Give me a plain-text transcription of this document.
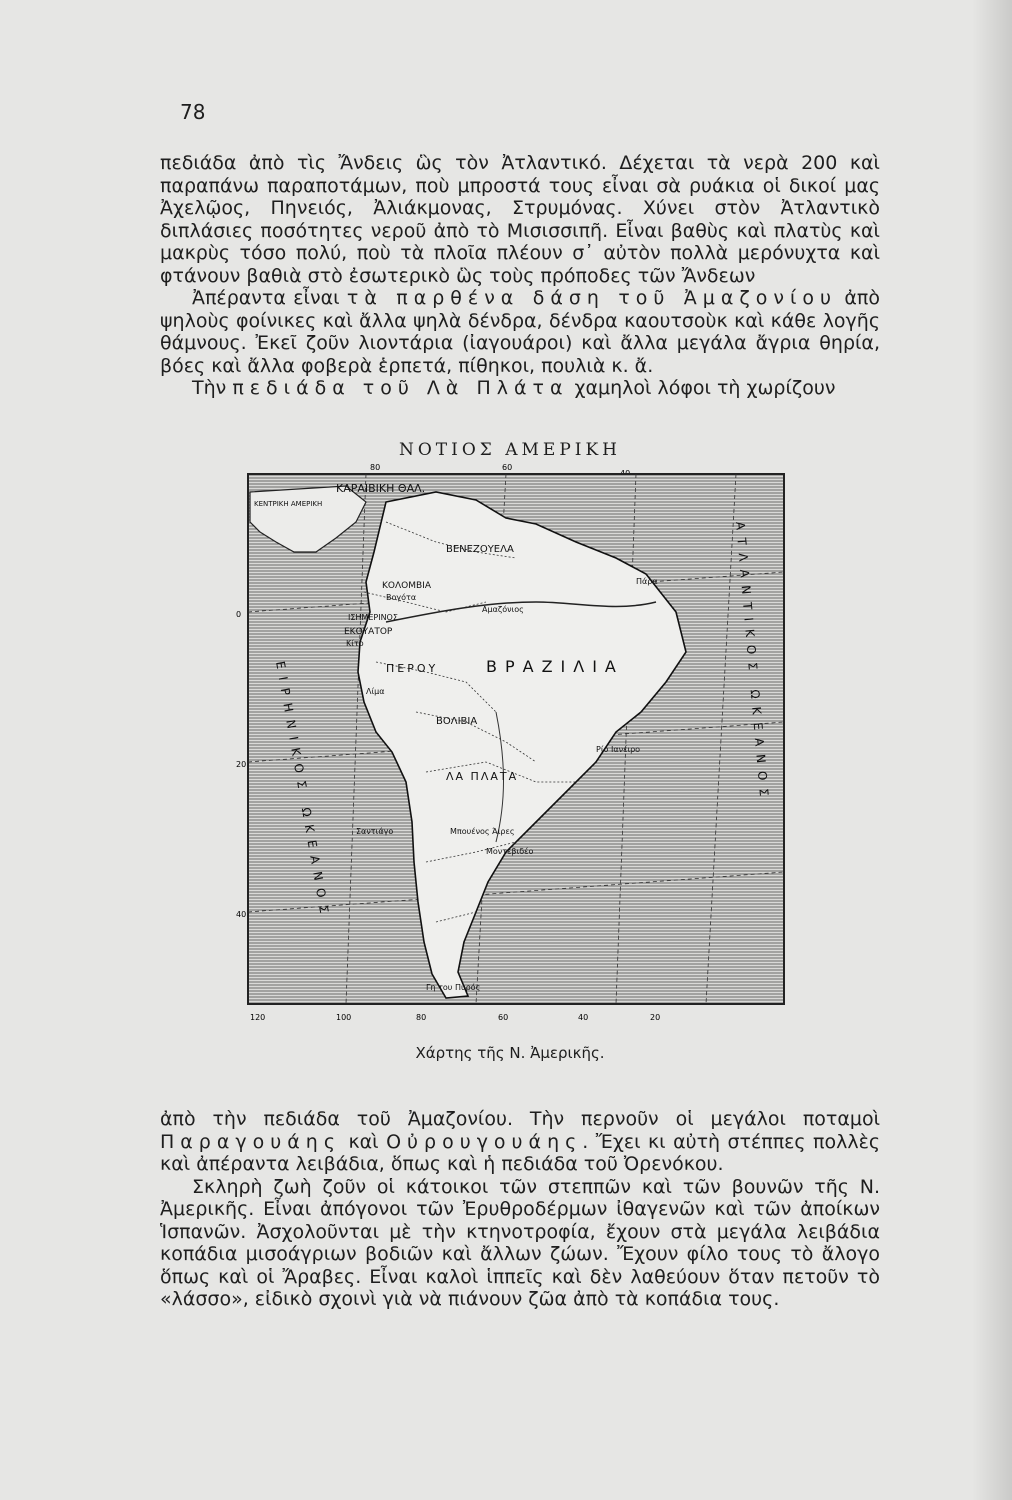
78

πεδιάδα ἀπὸ τὶς Ἄνδεις ὣς τὸν Ἀτλαντικό. Δέχεται τὰ νερὰ 200 καὶ παραπάνω παραποτάμων, ποὺ μπροστά τους εἶναι σὰ ρυάκια οἱ δικοί μας Ἀχελῷος, Πηνειός, Ἀλιάκμονας, Στρυμόνας. Χύνει στὸν Ἀτλαντικὸ διπλάσιες ποσότητες νεροῦ ἀπὸ τὸ Μισισσιπῆ. Εἶναι βαθὺς καὶ πλατὺς καὶ μακρὺς τόσο πολύ, ποὺ τὰ πλοῖα πλέουν σ᾽ αὐτὸν πολλὰ μερόνυχτα καὶ φτάνουν βαθιὰ στὸ ἐσωτερικὸ ὣς τοὺς πρόποδες τῶν Ἄνδεων

Ἀπέραντα εἶναι τὰ παρθένα δάση τοῦ Ἀμαζονίου ἀπὸ ψηλοὺς φοίνικες καὶ ἄλλα ψηλὰ δένδρα, δένδρα καουτσοὺκ καὶ κάθε λογῆς θάμνους. Ἐκεῖ ζοῦν λιοντάρια (ἰαγουάροι) καὶ ἄλλα μεγάλα ἄγρια θηρία, βόες καὶ ἄλλα φοβερὰ ἑρπετά, πίθηκοι, πουλιὰ κ. ἄ.

Τὴν πεδιάδα τοῦ Λὰ Πλάτα χαμηλοὶ λόφοι τὴ χωρίζουν

ΝΟΤΙΟΣ ΑΜΕΡΙΚΗ
80	60
ΚΑΡΑΙΒΙΚΗ ΘΑΛ.
ΚΕΝΤΡΙΚΗ ΑΜΕΡΙΚΗ
ΒΕΝΕΖΟΥΕΛΑ
ΚΟΛΟΜΒΙΑ
Βογότα
ΙΣΗΜΕΡΙΝΟΣ
ΕΚΟΥΑΤΟΡ
Κίτο
ΠΕΡΟΥ
Λίμα
ΒΡΑΖΙΛΙΑ
ΒΟΛΙΒΙΑ
ΛΑ ΠΛΑΤΑ
Σαντιάγο	Μπουένος Άιρες
Μοντεβιδέο
Ρίο Ιανέιρο
Πάρα
Γη του Πυρός
Αμαζόνιος
ΕΙΡΗΝΙΚΟΣ ΩΚΕΑΝΟΣ	ΑΤΛΑΝΤΙΚΟΣ ΩΚΕΑΝΟΣ
0
20
40
120	100	80	60	40	20
Χάρτης τῆς Ν. Ἀμερικῆς.

ἀπὸ τὴν πεδιάδα τοῦ Ἀμαζονίου. Τὴν περνοῦν οἱ μεγάλοι ποταμοὶ Παραγουάης καὶ Οὐρουγουάης. Ἔχει κι αὐτὴ στέππες πολλὲς καὶ ἀπέραντα λειβάδια, ὅπως καὶ ἡ πεδιάδα τοῦ Ὀρενόκου.

Σκληρὴ ζωὴ ζοῦν οἱ κάτοικοι τῶν στεππῶν καὶ τῶν βουνῶν τῆς Ν. Ἀμερικῆς. Εἶναι ἀπόγονοι τῶν Ἐρυθροδέρμων ἰθαγενῶν καὶ τῶν ἀποίκων Ἱσπανῶν. Ἀσχολοῦνται μὲ τὴν κτηνοτροφία, ἔχουν στὰ μεγάλα λειβάδια κοπάδια μισοάγριων βοδιῶν καὶ ἄλλων ζώων. Ἔχουν φίλο τους τὸ ἄλογο ὅπως καὶ οἱ Ἄραβες. Εἶναι καλοὶ ἱππεῖς καὶ δὲν λαθεύουν ὅταν πετοῦν τὸ «λάσσο», εἰδικὸ σχοινὶ γιὰ νὰ πιάνουν ζῶα ἀπὸ τὰ κοπάδια τους.
